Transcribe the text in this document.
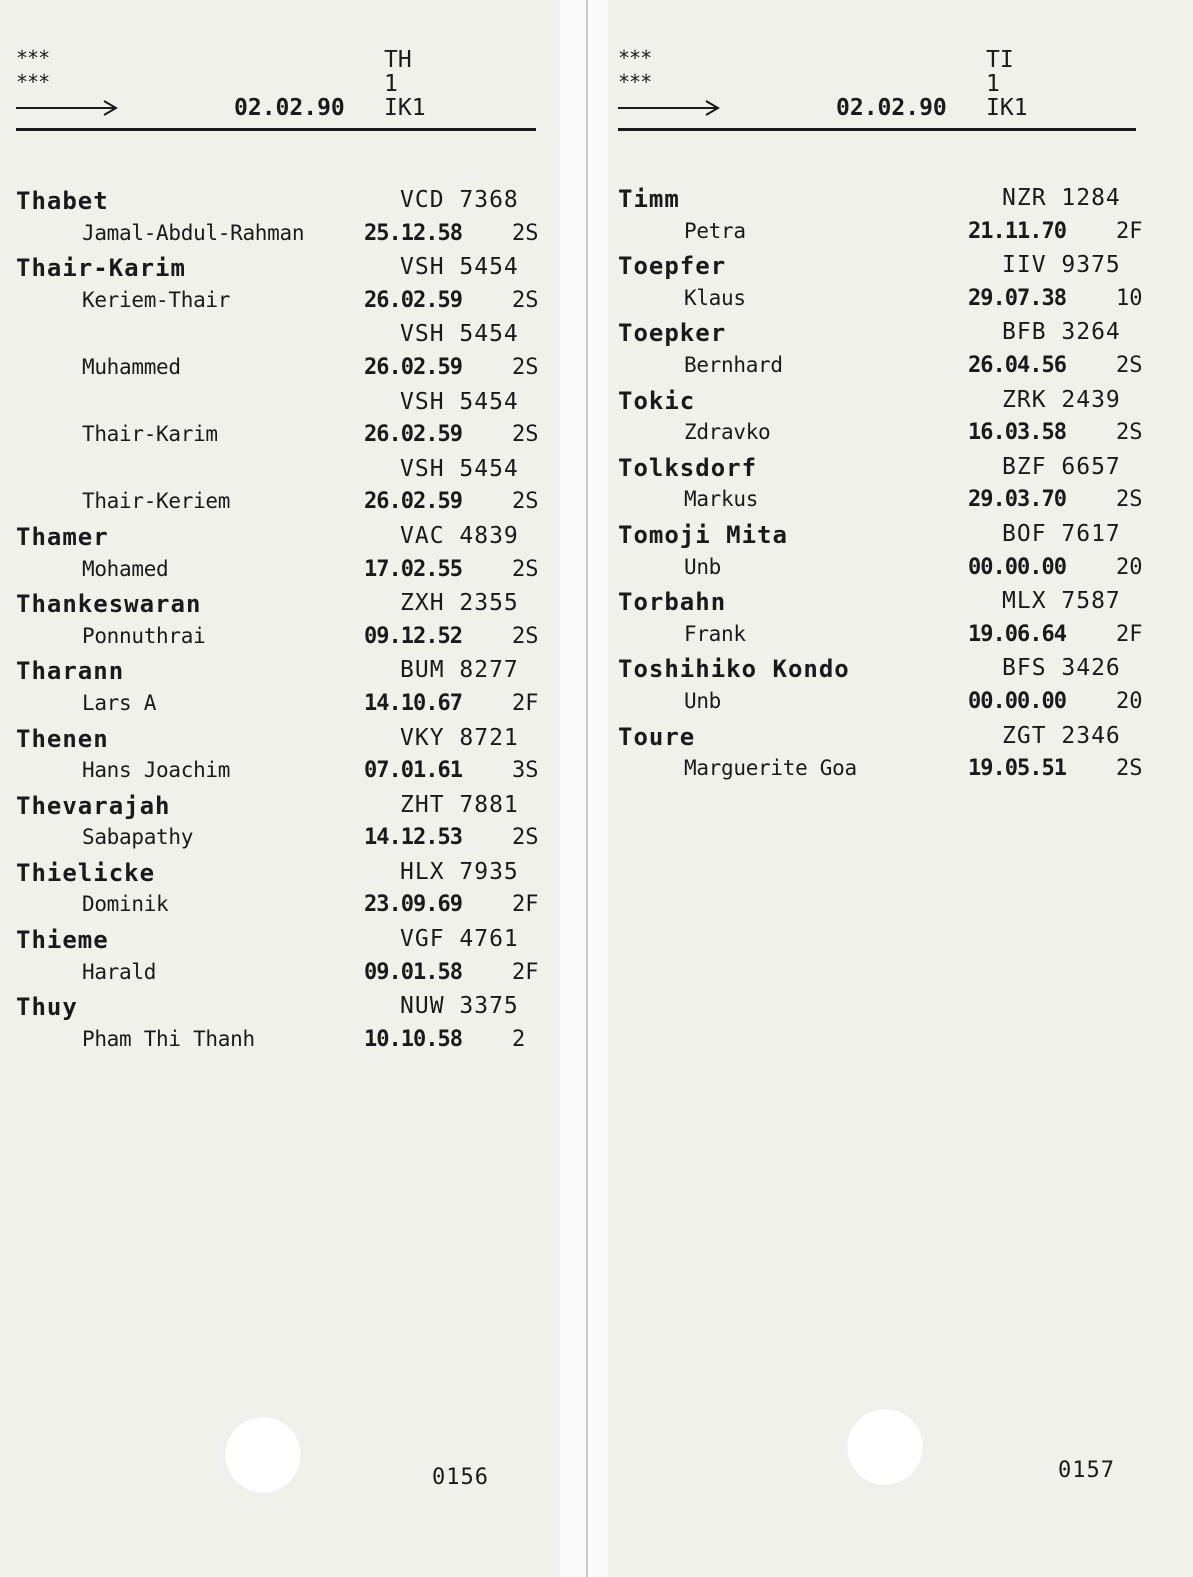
***
***
TH
1
02.02.90 IK1
Thabet	VCD 7368
Jamal-Abdul-Rahman	25.12.58 2S
Thair-Karim	VSH 5454
Keriem-Thair	26.02.59 2S
VSH 5454
Muhammed	26.02.59 2S
VSH 5454
Thair-Karim	26.02.59 2S
VSH 5454
Thair-Keriem	26.02.59 2S
Thamer	VAC 4839
Mohamed	17.02.55 2S
Thankeswaran	ZXH 2355
Ponnuthrai	09.12.52 2S
Tharann	BUM 8277
Lars A	14.10.67 2F
Thenen	VKY 8721
Hans Joachim	07.01.61 3S
Thevarajah	ZHT 7881
Sabapathy	14.12.53 2S
Thielicke	HLX 7935
Dominik	23.09.69 2F
Thieme	VGF 4761
Harald	09.01.58 2F
Thuy	NUW 3375
Pham Thi Thanh	10.10.58 2
0156
***
***
TI
1
02.02.90 IK1
Timm	NZR 1284
Petra	21.11.70 2F
Toepfer	IIV 9375
Klaus	29.07.38 10
Toepker	BFB 3264
Bernhard	26.04.56 2S
Tokic	ZRK 2439
Zdravko	16.03.58 2S
Tolksdorf	BZF 6657
Markus	29.03.70 2S
Tomoji Mita	BOF 7617
Unb	00.00.00 20
Torbahn	MLX 7587
Frank	19.06.64 2F
Toshihiko Kondo	BFS 3426
Unb	00.00.00 20
Toure	ZGT 2346
Marguerite Goa	19.05.51 2S
0157
